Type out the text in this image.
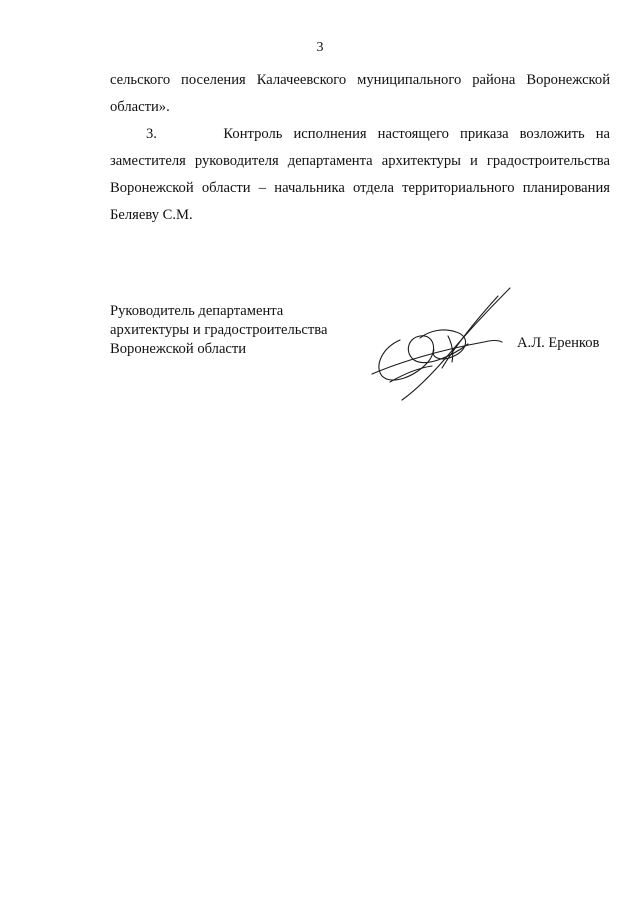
3
сельского поселения Калачеевского муниципального района Воронежской
области».
3.	Контроль исполнения настоящего приказа возложить на
заместителя руководителя департамента архитектуры и градостроительства
Воронежской области – начальника отдела территориального планирования
Беляеву С.М.
Руководитель департамента
архитектуры и градостроительства
Воронежской области	А.Л. Еренков
